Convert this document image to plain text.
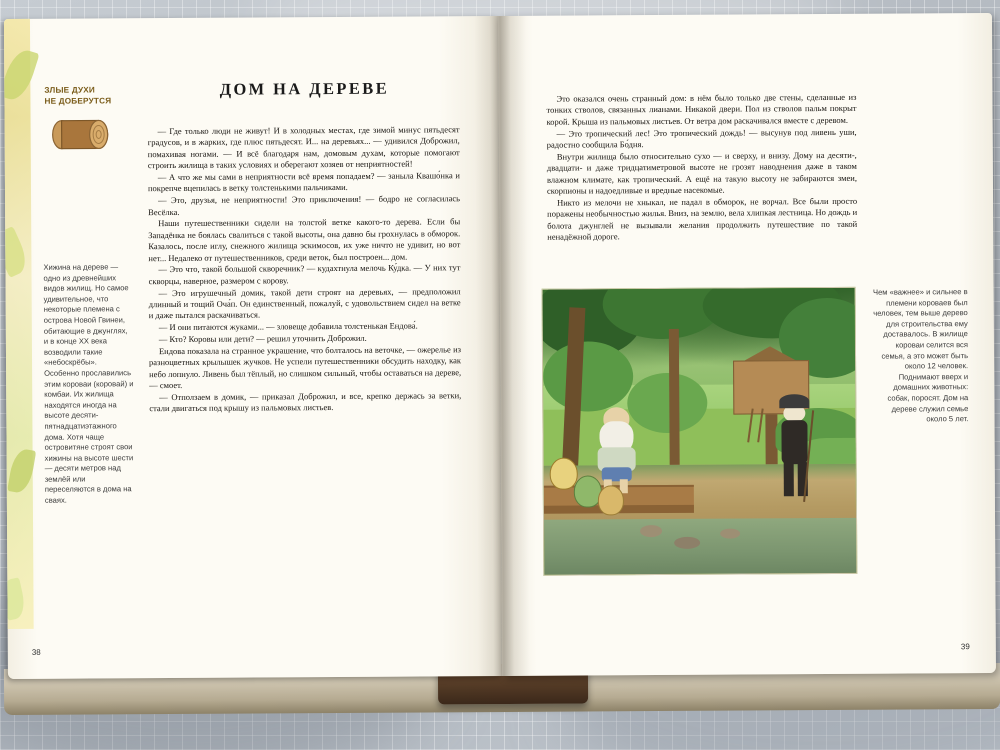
ЗЛЫЕ ДУХИ
НЕ ДОБЕРУТСЯ
Хижина на дереве — одно из древнейших видов жилищ. Но самое удивительное, что некоторые племена с острова Новой Гвинеи, обитающие в джунглях, и в конце XX века возводили такие «небоскрёбы». Особенно прославились этим короваи (коровай) и комбаи. Их жилища находятся иногда на высоте десяти-пятнадцатиэтажного дома. Хотя чаще островитяне строят свои хижины на высоте шести — десяти метров над землёй или переселяются в дома на сваях.
ДОМ НА ДЕРЕВЕ

— Где только люди не живут! И в холодных местах, где зимой минус пятьдесят градусов, и в жарких, где плюс пятьдесят. И... на деревьях... — удивился Доброжил, помахивая ногами. — И всё благодаря нам, домовым духам, которые помогают строить жилища в таких условиях и оберегают хозяев от неприятностей!

— А что же мы сами в неприятности всё время попадаем? — заныла Квашо́нка и покрепче вцепилась в ветку толстенькими пальчиками.

— Это, друзья, не неприятности! Это приключения! — бодро не согласилась Весёлка.

Наши путешественники сидели на толстой ветке какого-то дерева. Если бы Западёнка не боялась свалиться с такой высоты, она давно бы грохнулась в обморок. Казалось, после иглу, снежного жилища эскимосов, их уже ничто не удивит, но вот нет... Недалеко от путешественников, среди веток, был построен... дом.

— Это что, такой большой скворечник? — кудахтнула мелочь Ку́дка. — У них тут скворцы, наверное, размером с корову.

— Это игрушечный домик, такой дети строят на деревьях, — предположил длинный и тощий Оча́п. Он единственный, пожалуй, с удовольствием сидел на ветке и даже пытался раскачиваться.

— И они питаются жуками... — зловеще добавила толстенькая Ендова́.

— Кто? Коровы или дети? — решил уточнить Доброжил.

Ендова показала на странное украшение, что болталось на веточке, — ожерелье из разноцветных крылышек жучков. Не успели путешественники обсудить находку, как небо лопнуло. Ливень был тёплый, но слишком сильный, чтобы оставаться на дереве, — смоет.

— Отползаем в домик, — приказал Доброжил, и все, крепко держась за ветки, стали двигаться под крышу из пальмовых листьев.

38

Это оказался очень странный дом: в нём было только две стены, сделанные из тонких стволов, связанных лианами. Никакой двери. Пол из стволов пальм покрыт корой. Крыша из пальмовых листьев. От ветра дом раскачивался вместе с деревом.

— Это тропический лес! Это тропический дождь! — высунув под ливень уши, радостно сообщила Бо́дня.

Внутри жилища было относительно сухо — и сверху, и внизу. Дому на десяти-, двадцати- и даже тридцатиметровой высоте не грозят наводнения даже в таком влажном климате, как тропический. А ещё на такую высоту не забираются змеи, скорпионы и надоедливые и вредные насекомые.

Никто из мелочи не хныкал, не падал в обморок, не ворчал. Все были просто поражены необычностью жилья. Вниз, на землю, вела хлипкая лестница. Но дождь и болота джунглей не вызывали желания продолжить путешествие по такой ненадёжной дороге.

Чем «важнее» и сильнее в племени короваев был человек, тем выше дерево для строительства ему доставалось. В жилище короваи селится вся семья, а это может быть около 12 человек. Поднимают вверх и домашних животных: собак, поросят. Дом на дереве служил семье около 5 лет.
39
